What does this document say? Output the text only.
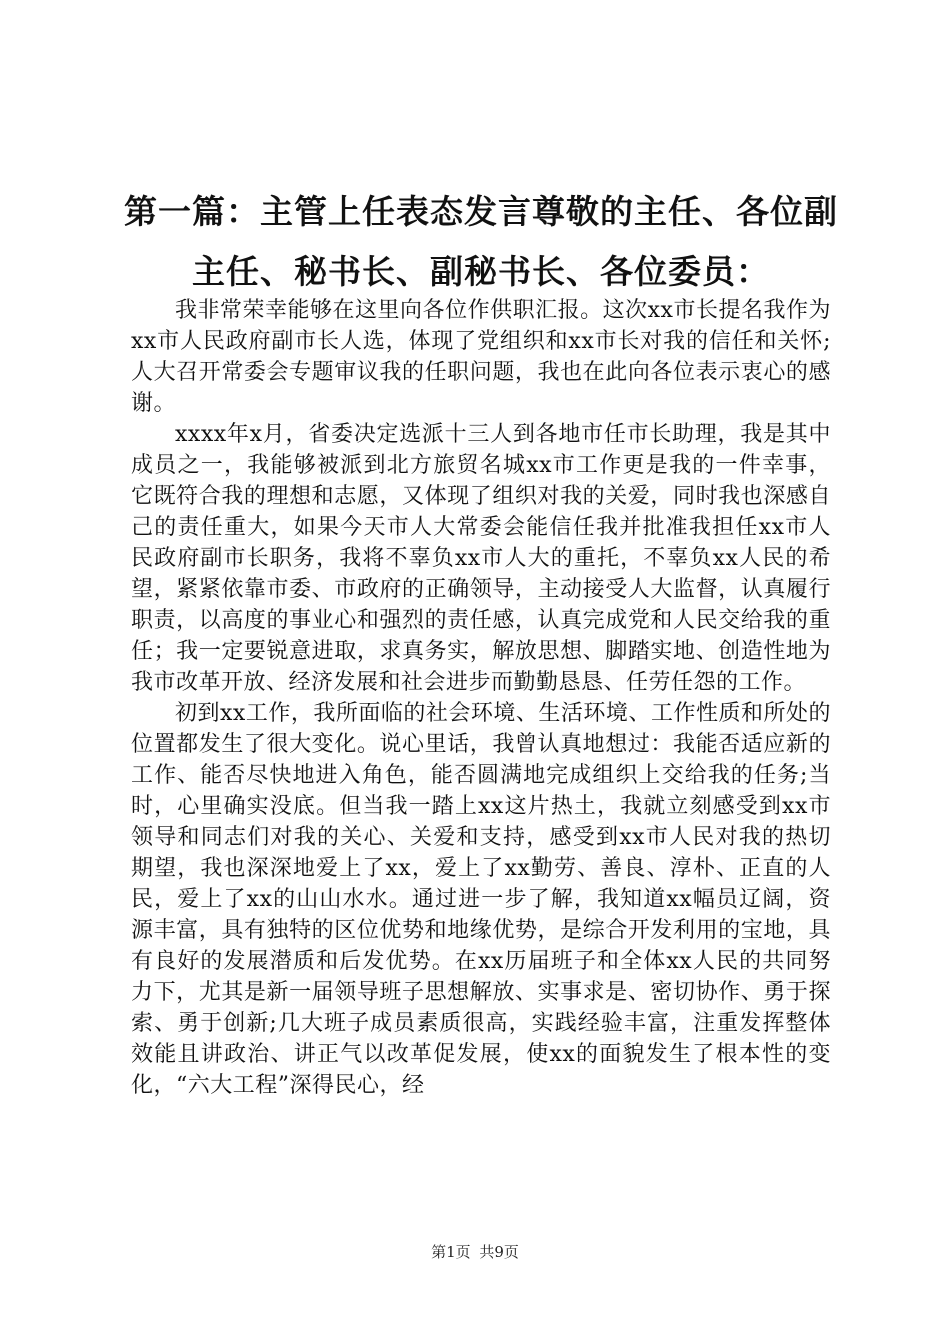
第一篇：主管上任表态发言尊敬的主任、各位副主任、秘书长、副秘书长、各位委员：

我非常荣幸能够在这里向各位作供职汇报。这次xx市长提名我作为xx市人民政府副市长人选，体现了党组织和xx市长对我的信任和关怀;人大召开常委会专题审议我的任职问题，我也在此向各位表示衷心的感谢。

xxxx年x月，省委决定选派十三人到各地市任市长助理，我是其中成员之一，我能够被派到北方旅贸名城xx市工作更是我的一件幸事，它既符合我的理想和志愿，又体现了组织对我的关爱，同时我也深感自己的责任重大，如果今天市人大常委会能信任我并批准我担任xx市人民政府副市长职务，我将不辜负xx市人大的重托，不辜负xx人民的希望，紧紧依靠市委、市政府的正确领导，主动接受人大监督，认真履行职责，以高度的事业心和强烈的责任感，认真完成党和人民交给我的重任；我一定要锐意进取，求真务实，解放思想、脚踏实地、创造性地为我市改革开放、经济发展和社会进步而勤勤恳恳、任劳任怨的工作。

初到xx工作，我所面临的社会环境、生活环境、工作性质和所处的位置都发生了很大变化。说心里话，我曾认真地想过：我能否适应新的工作、能否尽快地进入角色，能否圆满地完成组织上交给我的任务;当时，心里确实没底。但当我一踏上xx这片热土，我就立刻感受到xx市领导和同志们对我的关心、关爱和支持，感受到xx市人民对我的热切期望，我也深深地爱上了xx，爱上了xx勤劳、善良、淳朴、正直的人民，爱上了xx的山山水水。通过进一步了解，我知道xx幅员辽阔，资源丰富，具有独特的区位优势和地缘优势，是综合开发利用的宝地，具有良好的发展潜质和后发优势。在xx历届班子和全体xx人民的共同努力下，尤其是新一届领导班子思想解放、实事求是、密切协作、勇于探索、勇于创新;几大班子成员素质很高，实践经验丰富，注重发挥整体效能且讲政治、讲正气以改革促发展，使xx的面貌发生了根本性的变化，“六大工程”深得民心，经

第1页 共9页
